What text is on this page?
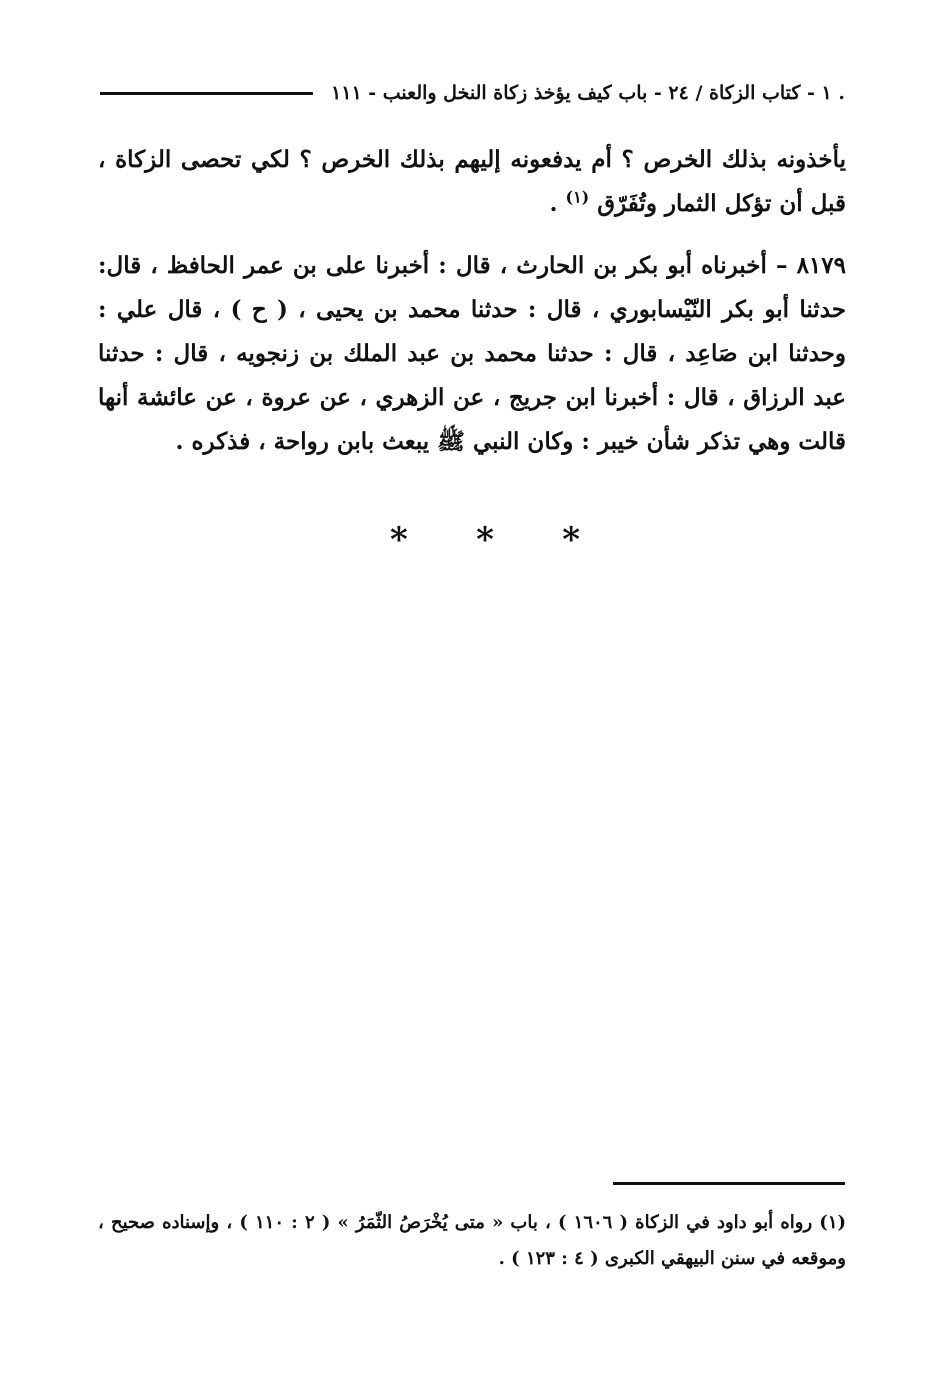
. ١ - كتاب الزكاة / ٢٤ - باب كيف يؤخذ زكاة النخل والعنب - ١١١

يأخذونه بذلك الخرص ؟ أم يدفعونه إليهم بذلك الخرص ؟ لكي تحصى الزكاة ، قبل أن تؤكل الثمار وتُفَرّق $^{(١)}$ .

٨١٧٩ – أخبرناه أبو بكر بن الحارث ، قال : أخبرنا على بن عمر الحافظ ، قال: حدثنا أبو بكر النّيْسابوري ، قال : حدثنا محمد بن يحيى ، ( ح ) ، قال علي : وحدثنا ابن صَاعِد ، قال : حدثنا محمد بن عبد الملك بن زنجويه ، قال : حدثنا عبد الرزاق ، قال : أخبرنا ابن جريج ، عن الزهري ، عن عروة ، عن عائشة أنها قالت وهي تذكر شأن خيبر : وكان النبي ﷺ يبعث بابن رواحة ، فذكره .

* * *

(١) رواه أبو داود في الزكاة ( ١٦٠٦ ) ، باب « متى يُخْرَصُ الثّمَرُ » ( ٢ : ١١٠ ) ، وإسناده صحيح ، وموقعه في سنن البيهقي الكبرى ( ٤ : ١٢٣ ) .
